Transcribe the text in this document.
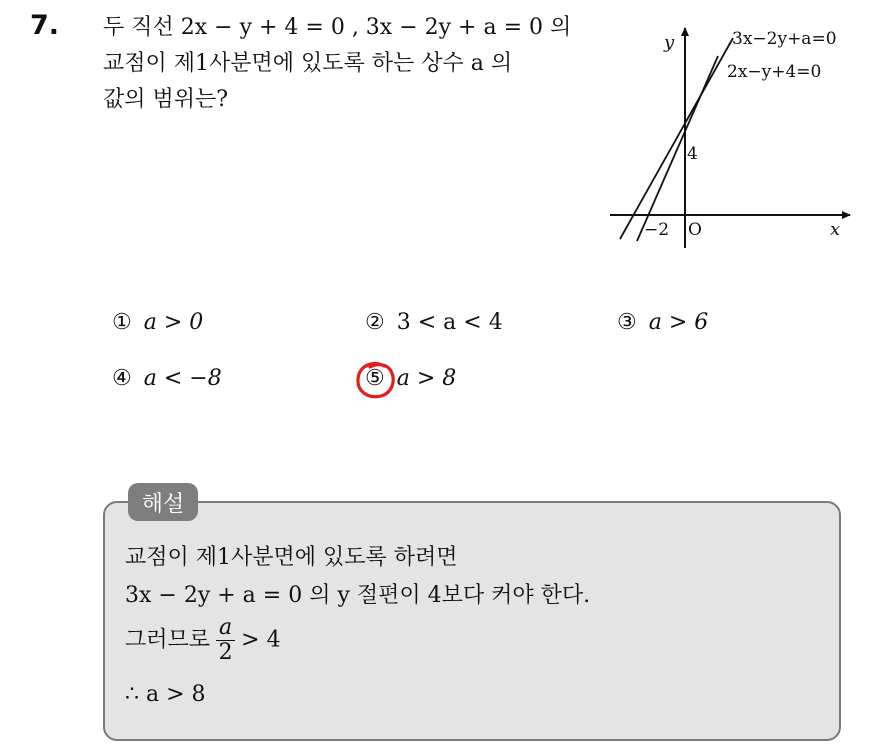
7. 두 직선 2x − y + 4 = 0 , 3x − 2y + a = 0 의
교점이 제1사분면에 있도록 하는 상수 a 의
값의 범위는?
y
x
3x−2y+a=0
2x−y+4=0
4
−2 O
① a > 0	② 3 < a < 4	③ a > 6
④ a < −8	⑤ a > 8
해설
교점이 제1사분면에 있도록 하려면
3x − 2y + a = 0 의 y 절편이 4보다 커야 한다.
그러므로 $\frac{a}{2} > 4$
∴ a > 8
